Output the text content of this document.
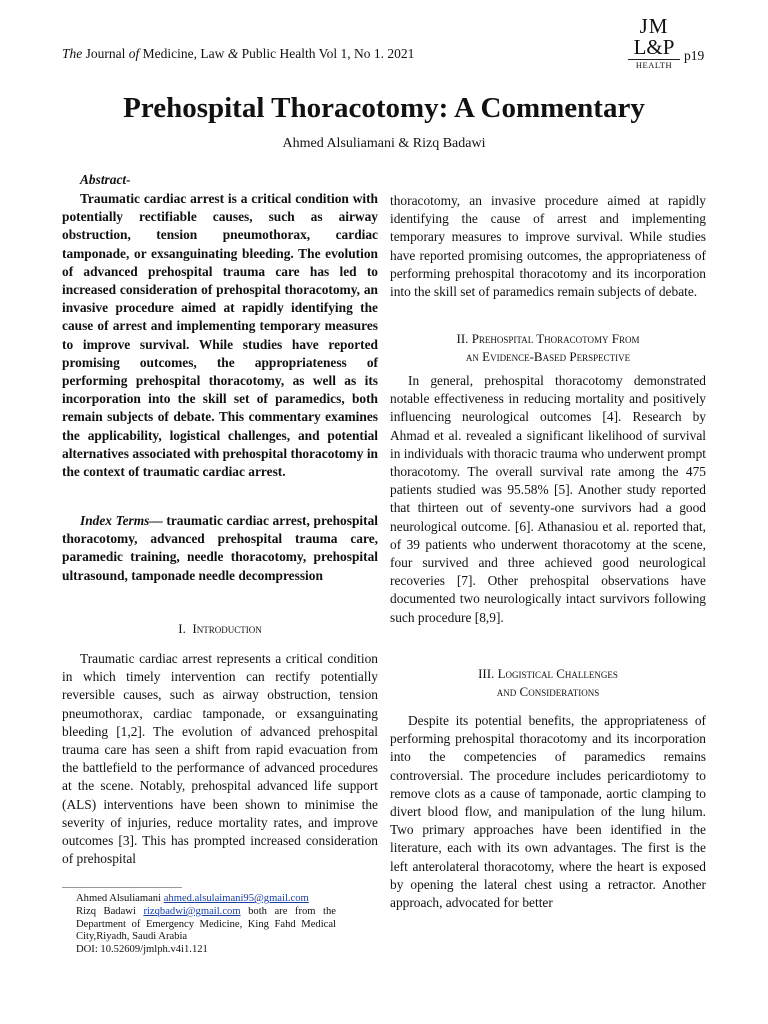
The Journal of Medicine, Law & Public Health Vol 1, No 1. 2021
JM
L&P
HEALTH
p19
Prehospital Thoracotomy: A Commentary
Ahmed Alsuliamani & Rizq Badawi
Abstract-

Traumatic cardiac arrest is a critical condition with potentially rectifiable causes, such as airway obstruction, tension pneumothorax, cardiac tamponade, or exsanguinating bleeding. The evolution of advanced prehospital trauma care has led to increased consideration of prehospital thoracotomy, an invasive procedure aimed at rapidly identifying the cause of arrest and implementing temporary measures to improve survival. While studies have reported promising outcomes, the appropriateness of performing prehospital thoracotomy, as well as its incorporation into the skill set of paramedics, both remain subjects of debate. This commentary examines the applicability, logistical challenges, and potential alternatives associated with prehospital thoracotomy in the context of traumatic cardiac arrest.

Index Terms— traumatic cardiac arrest, prehospital thoracotomy, advanced prehospital trauma care, paramedic training, needle thoracotomy, prehospital ultrasound, tamponade needle decompression

I. Introduction

Traumatic cardiac arrest represents a critical condition in which timely intervention can rectify potentially reversible causes, such as airway obstruction, tension pneumothorax, cardiac tamponade, or exsanguinating bleeding [1,2]. The evolution of advanced prehospital trauma care has seen a shift from rapid evacuation from the battlefield to the performance of advanced procedures at the scene. Notably, prehospital advanced life support (ALS) interventions have been shown to minimise the severity of injuries, reduce mortality rates, and improve outcomes [3]. This has prompted increased consideration of prehospital

Ahmed Alsuliamani ahmed.alsulaimani95@gmail.com
Rizq Badawi rizqbadwi@gmail.com both are from the Department of Emergency Medicine, King Fahd Medical City,Riyadh, Saudi Arabia
DOI: 10.52609/jmlph.v4i1.121

thoracotomy, an invasive procedure aimed at rapidly identifying the cause of arrest and implementing temporary measures to improve survival. While studies have reported promising outcomes, the appropriateness of performing prehospital thoracotomy and its incorporation into the skill set of paramedics remain subjects of debate.

II. Prehospital Thoracotomy From
an Evidence-Based Perspective

In general, prehospital thoracotomy demonstrated notable effectiveness in reducing mortality and positively influencing neurological outcomes [4]. Research by Ahmad et al. revealed a significant likelihood of survival in individuals with thoracic trauma who underwent prompt thoracotomy. The overall survival rate among the 475 patients studied was 95.58% [5]. Another study reported that thirteen out of seventy-one survivors had a good neurological outcome. [6]. Athanasiou et al. reported that, of 39 patients who underwent thoracotomy at the scene, four survived and three achieved good neurological recoveries [7]. Other prehospital observations have documented two neurologically intact survivors following such procedure [8,9].

III. Logistical Challenges
and Considerations

Despite its potential benefits, the appropriateness of performing prehospital thoracotomy and its incorporation into the competencies of paramedics remains controversial. The procedure includes pericardiotomy to remove clots as a cause of tamponade, aortic clamping to divert blood flow, and manipulation of the lung hilum. Two primary approaches have been identified in the literature, each with its own advantages. The first is the left anterolateral thoracotomy, where the heart is exposed by opening the lateral chest using a retractor. Another approach, advocated for better
